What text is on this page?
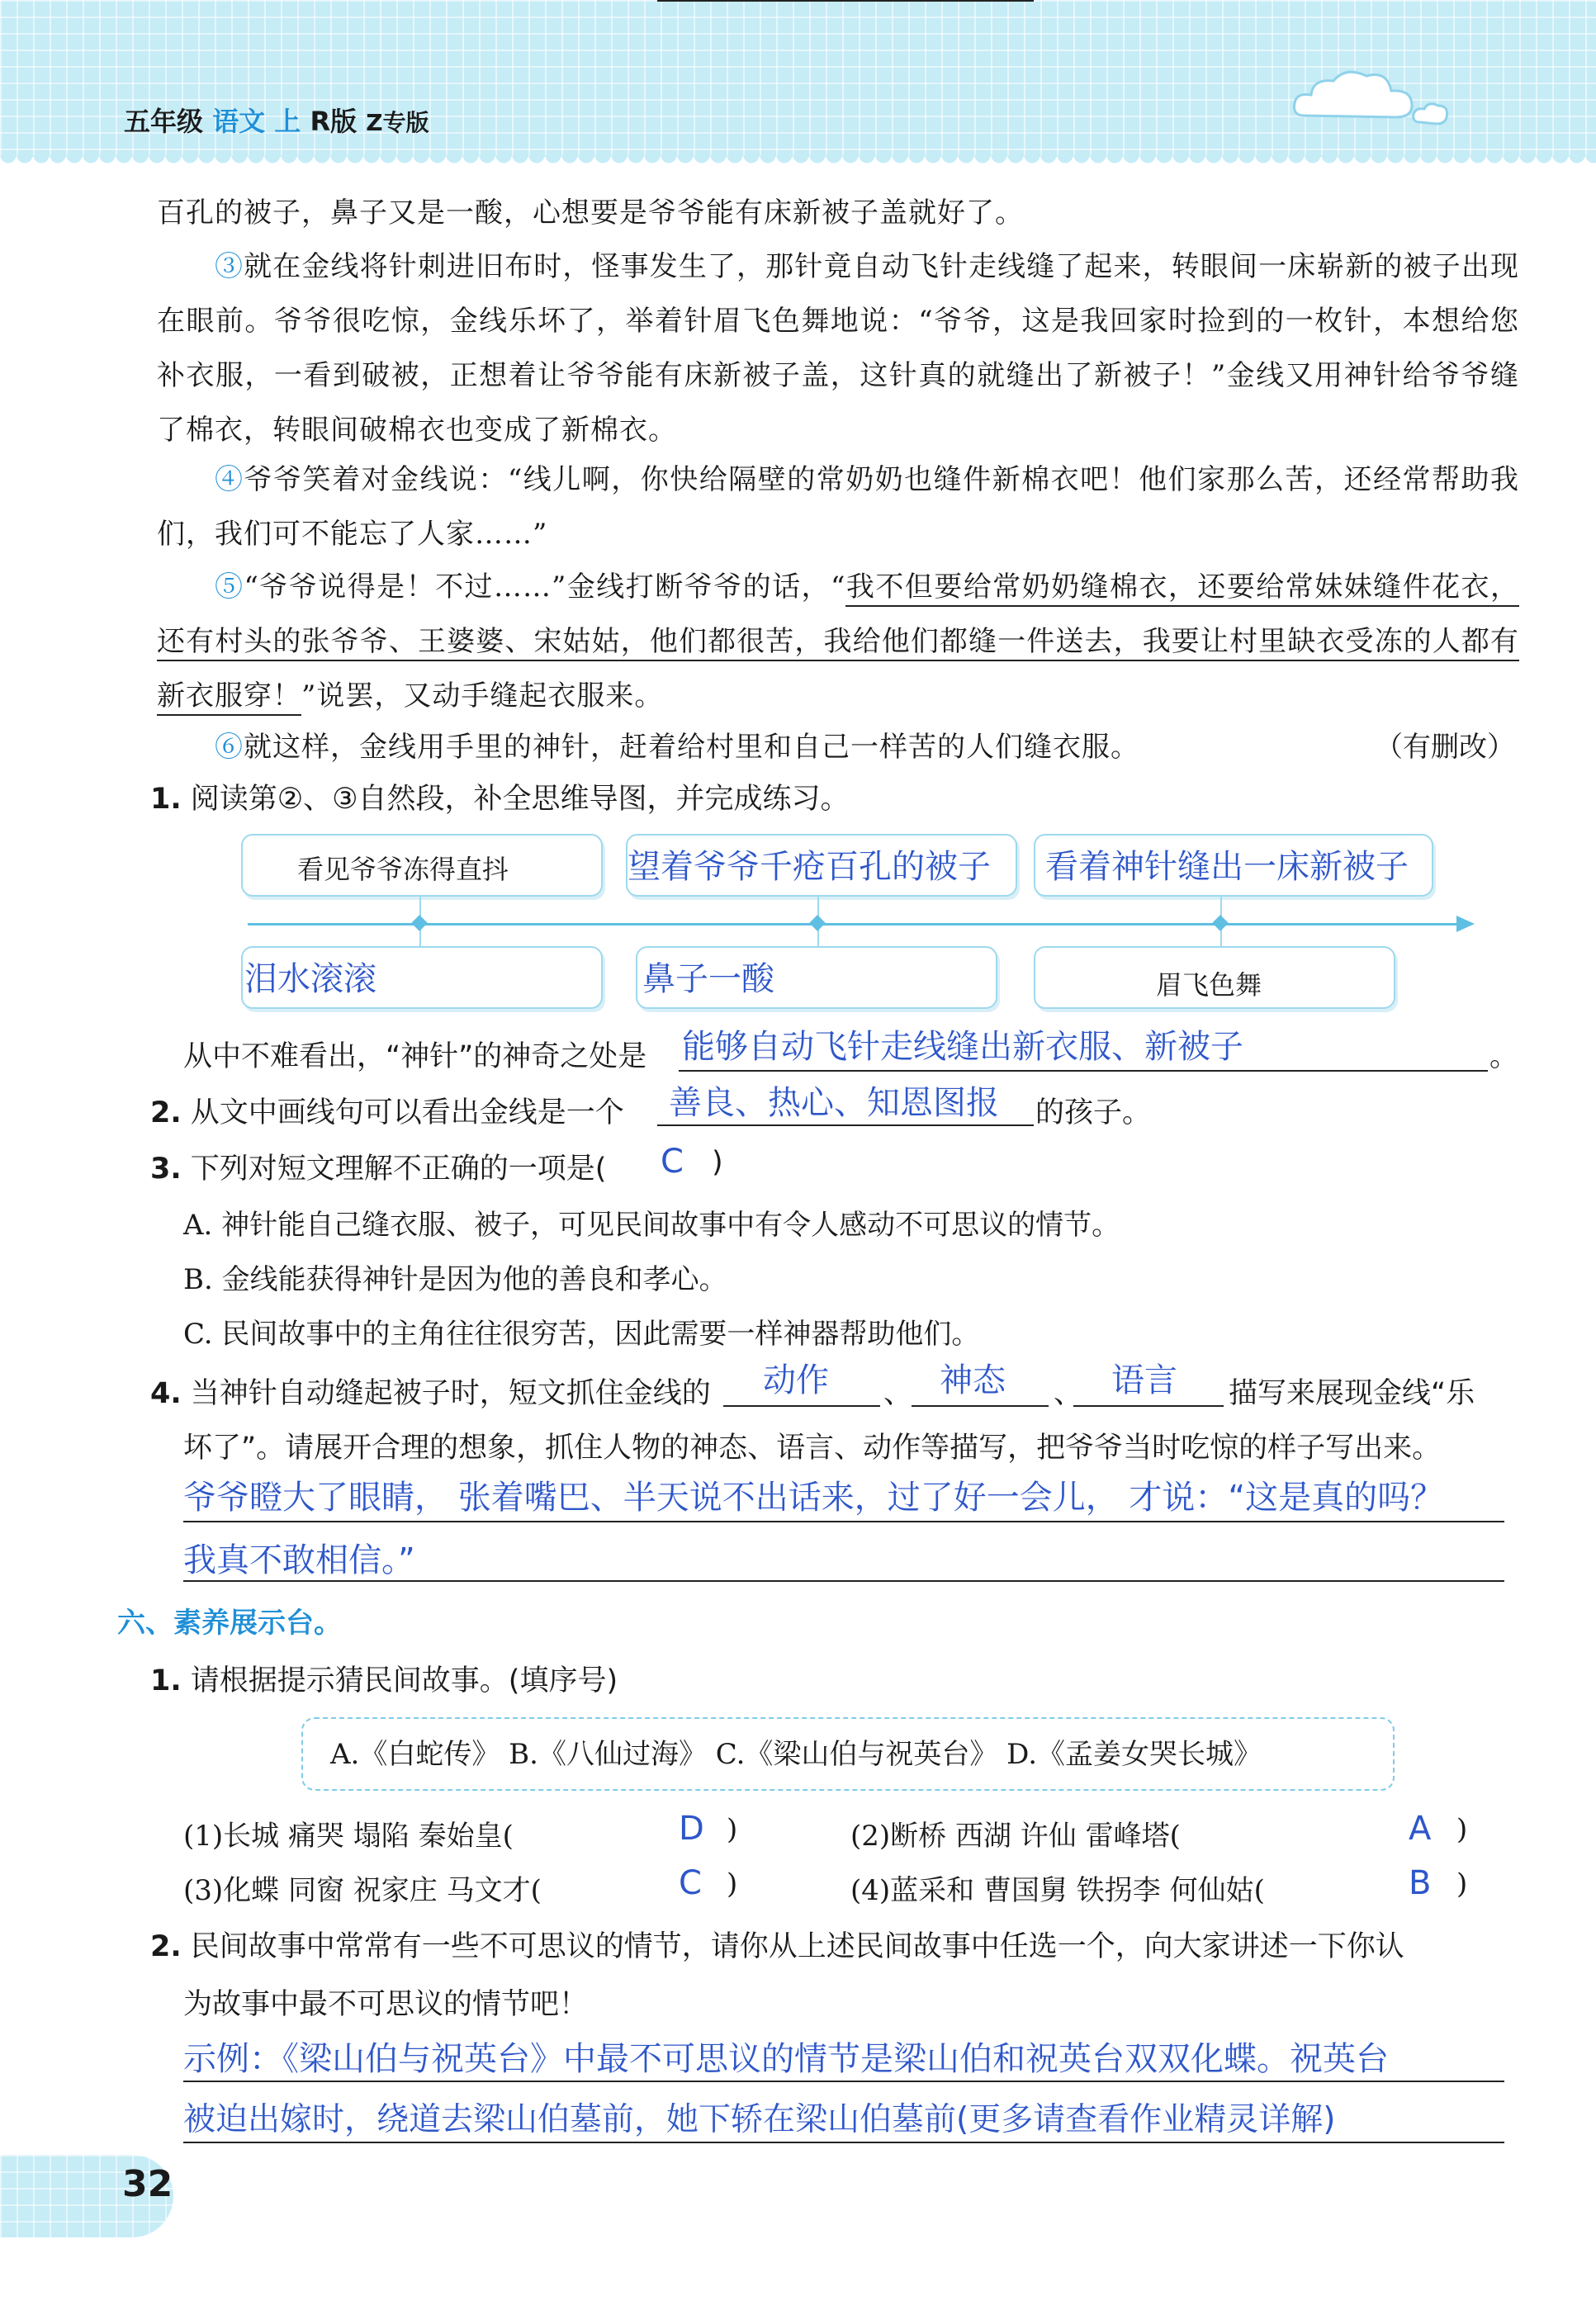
五年级 语文 上 R版 Z专版
百孔的被子，鼻子又是一酸，心想要是爷爷能有床新被子盖就好了。
③就在金线将针刺进旧布时，怪事发生了，那针竟自动飞针走线缝了起来，转眼间一床崭新的被子出现在眼前。爷爷很吃惊，金线乐坏了，举着针眉飞色舞地说：“爷爷，这是我回家时捡到的一枚针，本想给您补衣服，一看到破被，正想着让爷爷能有床新被子盖，这针真的就缝出了新被子！”金线又用神针给爷爷缝了棉衣，转眼间破棉衣也变成了新棉衣。
④爷爷笑着对金线说：“线儿啊，你快给隔壁的常奶奶也缝件新棉衣吧！他们家那么苦，还经常帮助我们，我们可不能忘了人家……”
⑤“爷爷说得是！不过……”金线打断爷爷的话，“我不但要给常奶奶缝棉衣，还要给常妹妹缝件花衣，还有村头的张爷爷、王婆婆、宋姑姑，他们都很苦，我给他们都缝一件送去，我要让村里缺衣受冻的人都有新衣服穿！”说罢，又动手缝起衣服来。
⑥就这样，金线用手里的神针，赶着给村里和自己一样苦的人们缝衣服。	（有删改）
1. 阅读第②、③自然段，补全思维导图，并完成练习。
看见爷爷冻得直抖	望着爷爷千疮百孔的被子 看着神针缝出一床新被子
泪水滚滚	鼻子一酸	眉飞色舞
从中不难看出，“神针”的神奇之处是 能够自动飞针走线缝出新衣服、新被子	。
2. 从文中画线句可以看出金线是一个 善良、热心、知恩图报 的孩子。
3. 下列对短文理解不正确的一项是( C )
A. 神针能自己缝衣服、被子，可见民间故事中有令人感动不可思议的情节。
B. 金线能获得神针是因为他的善良和孝心。
C. 民间故事中的主角往往很穷苦，因此需要一样神器帮助他们。
4. 当神针自动缝起被子时，短文抓住金线的 动作 、 神态 、 语言 描写来展现金线“乐
坏了”。请展开合理的想象，抓住人物的神态、语言、动作等描写，把爷爷当时吃惊的样子写出来。
爷爷瞪大了眼睛， 张着嘴巴、半天说不出话来，过了好一会儿， 才说：“这是真的吗？
我真不敢相信。”
六、素养展示台。
1. 请根据提示猜民间故事。(填序号)
A.《白蛇传》 B.《八仙过海》 C.《梁山伯与祝英台》 D.《孟姜女哭长城》
(1)长城 痛哭 塌陷 秦始皇(	D )	(2)断桥 西湖 许仙 雷峰塔(	A )
(3)化蝶 同窗 祝家庄 马文才(	C )	(4)蓝采和 曹国舅 铁拐李 何仙姑(	B )
2. 民间故事中常常有一些不可思议的情节，请你从上述民间故事中任选一个，向大家讲述一下你认
为故事中最不可思议的情节吧！
示例：《梁山伯与祝英台》中最不可思议的情节是梁山伯和祝英台双双化蝶。祝英台
被迫出嫁时，绕道去梁山伯墓前，她下轿在梁山伯墓前(更多请查看作业精灵详解)
32
